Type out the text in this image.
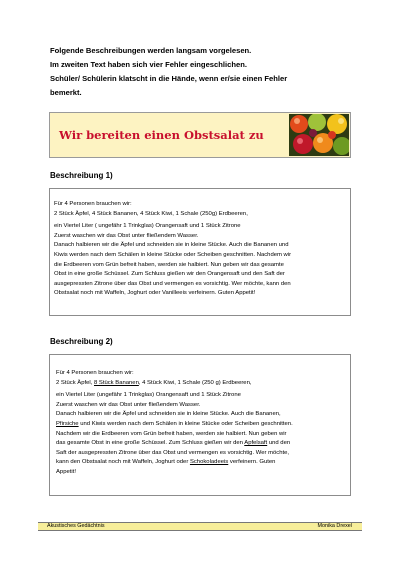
Folgende Beschreibungen werden langsam vorgelesen.
Im zweiten Text haben sich vier Fehler eingeschlichen.
Schüler/ Schülerin klatscht in die Hände, wenn er/sie einen Fehler
bemerkt.
Wir bereiten einen Obstsalat zu
Beschreibung 1)
Für 4 Personen brauchen wir:
2 Stück Äpfel, 4 Stück Bananen, 4 Stück Kiwi, 1 Schale (250g) Erdbeeren,
ein Viertel Liter ( ungefähr 1 Trinkglas) Orangensaft und 1 Stück Zitrone
Zuerst waschen wir das Obst unter fließendem Wasser.
Danach halbieren wir die Äpfel und schneiden sie in kleine Stücke. Auch die Bananen und
Kiwis werden nach dem Schälen in kleine Stücke oder Scheiben geschnitten. Nachdem wir
die Erdbeeren vom Grün befreit haben, werden sie halbiert. Nun geben wir das gesamte
Obst in eine große Schüssel. Zum Schluss gießen wir den Orangensaft und den Saft der
ausgepressten Zitrone über das Obst und vermengen es vorsichtig. Wer möchte, kann den
Obstsalat noch mit Waffeln, Joghurt oder Vanilleeis verfeinern. Guten Appetit!
Beschreibung 2)
Für 4 Personen brauchen wir:
2 Stück Äpfel, 8 Stück Bananen, 4 Stück Kiwi, 1 Schale (250 g) Erdbeeren,
ein Viertel Liter (ungefähr 1 Trinkglas) Orangensaft und 1 Stück Zitrone
Zuerst waschen wir das Obst unter fließendem Wasser.
Danach halbieren wir die Äpfel und schneiden sie in kleine Stücke. Auch die Bananen,
Pfirsiche und Kiwis werden nach dem Schälen in kleine Stücke oder Scheiben geschnitten.
Nachdem wir die Erdbeeren vom Grün befreit haben, werden sie halbiert. Nun geben wir
das gesamte Obst in eine große Schüssel. Zum Schluss gießen wir den Apfelsaft und den
Saft der ausgepressten Zitrone über das Obst und vermengen es vorsichtig. Wer möchte,
kann den Obstsalat noch mit Waffeln, Joghurt oder Schokoladeeis verfeinern. Guten
Appetit!
Akustisches Gedächtnis	Monika Drexel
